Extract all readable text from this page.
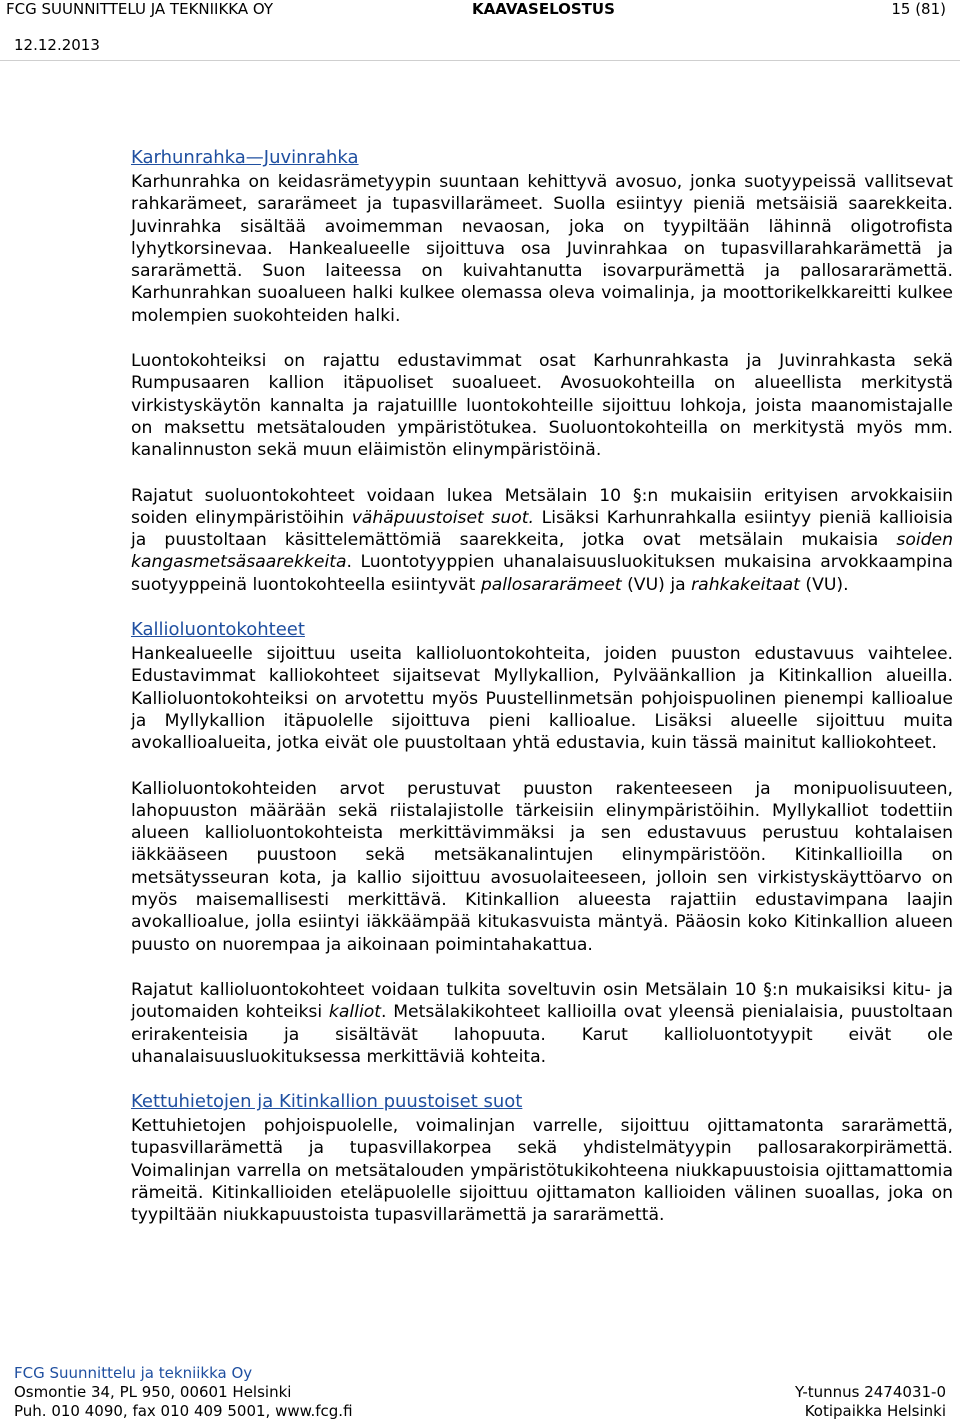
FCG SUUNNITTELU JA TEKNIIKKA OY	KAAVASELOSTUS	15 (81)
12.12.2013
Karhunrahka—Juvinrahka

Karhunrahka on keidasrämetyypin suuntaan kehittyvä avosuo, jonka suotyypeissä vallitsevat rahkarämeet, sararämeet ja tupasvillarämeet. Suolla esiintyy pieniä metsäisiä saarekkeita. Juvinrahka sisältää avoimemman nevaosan, joka on tyypiltään lähinnä oligotrofista lyhytkorsinevaa. Hankealueelle sijoittuva osa Juvinrahkaa on tupasvillarahkarämettä ja sararämettä. Suon laiteessa on kuivahtanutta isovarpurämettä ja pallosararämettä. Karhunrahkan suoalueen halki kulkee olemassa oleva voimalinja, ja moottorikelkkareitti kulkee molempien suokohteiden halki.

Luontokohteiksi on rajattu edustavimmat osat Karhunrahkasta ja Juvinrahkasta sekä Rumpusaaren kallion itäpuoliset suoalueet. Avosuokohteilla on alueellista merkitystä virkistyskäytön kannalta ja rajatuillle luontokohteille sijoittuu lohkoja, joista maanomistajalle on maksettu metsätalouden ympäristötukea. Suoluontokohteilla on merkitystä myös mm. kanalinnuston sekä muun eläimistön elinympäristöinä.

Rajatut suoluontokohteet voidaan lukea Metsälain 10 §:n mukaisiin erityisen arvokkaisiin soiden elinympäristöihin vähäpuustoiset suot. Lisäksi Karhunrahkalla esiintyy pieniä kallioisia ja puustoltaan käsittelemättömiä saarekkeita, jotka ovat metsälain mukaisia soiden kangasmetsäsaarekkeita. Luontotyyppien uhanalaisuusluokituksen mukaisina arvokkaampina suotyyppeinä luontokohteella esiintyvät pallosararämeet (VU) ja rahkakeitaat (VU).

Kallioluontokohteet

Hankealueelle sijoittuu useita kallioluontokohteita, joiden puuston edustavuus vaihtelee. Edustavimmat kalliokohteet sijaitsevat Myllykallion, Pylväänkallion ja Kitinkallion alueilla. Kallioluontokohteiksi on arvotettu myös Puustellinmetsän pohjoispuolinen pienempi kallioalue ja Myllykallion itäpuolelle sijoittuva pieni kallioalue. Lisäksi alueelle sijoittuu muita avokallioalueita, jotka eivät ole puustoltaan yhtä edustavia, kuin tässä mainitut kalliokohteet.

Kallioluontokohteiden arvot perustuvat puuston rakenteeseen ja monipuolisuuteen, lahopuuston määrään sekä riistalajistolle tärkeisiin elinympäristöihin. Myllykalliot todettiin alueen kallioluontokohteista merkittävimmäksi ja sen edustavuus perustuu kohtalaisen iäkkääseen puustoon sekä metsäkanalintujen elinympäristöön. Kitinkallioilla on metsätysseuran kota, ja kallio sijoittuu avosuolaiteeseen, jolloin sen virkistyskäyttöarvo on myös maisemallisesti merkittävä. Kitinkallion alueesta rajattiin edustavimpana laajin avokallioalue, jolla esiintyi iäkkäämpää kitukasvuista mäntyä. Pääosin koko Kitinkallion alueen puusto on nuorempaa ja aikoinaan poimintahakattua.

Rajatut kallioluontokohteet voidaan tulkita soveltuvin osin Metsälain 10 §:n mukaisiksi kitu- ja joutomaiden kohteiksi kalliot. Metsälakikohteet kallioilla ovat yleensä pienialaisia, puustoltaan erirakenteisia ja sisältävät lahopuuta. Karut kallioluontotyypit eivät ole uhanalaisuusluokituksessa merkittäviä kohteita.

Kettuhietojen ja Kitinkallion puustoiset suot

Kettuhietojen pohjoispuolelle, voimalinjan varrelle, sijoittuu ojittamatonta sararämettä, tupasvillarämettä ja tupasvillakorpea sekä yhdistelmätyypin pallosarakorpirämettä. Voimalinjan varrella on metsätalouden ympäristötukikohteena niukkapuustoisia ojittamattomia rämeitä. Kitinkallioiden eteläpuolelle sijoittuu ojittamaton kallioiden välinen suoallas, joka on tyypiltään niukkapuustoista tupasvillarämettä ja sararämettä.

FCG Suunnittelu ja tekniikka Oy
Osmontie 34, PL 950, 00601 Helsinki	Y-tunnus 2474031-0
Puh. 010 4090, fax 010 409 5001, www.fcg.fi	Kotipaikka Helsinki
